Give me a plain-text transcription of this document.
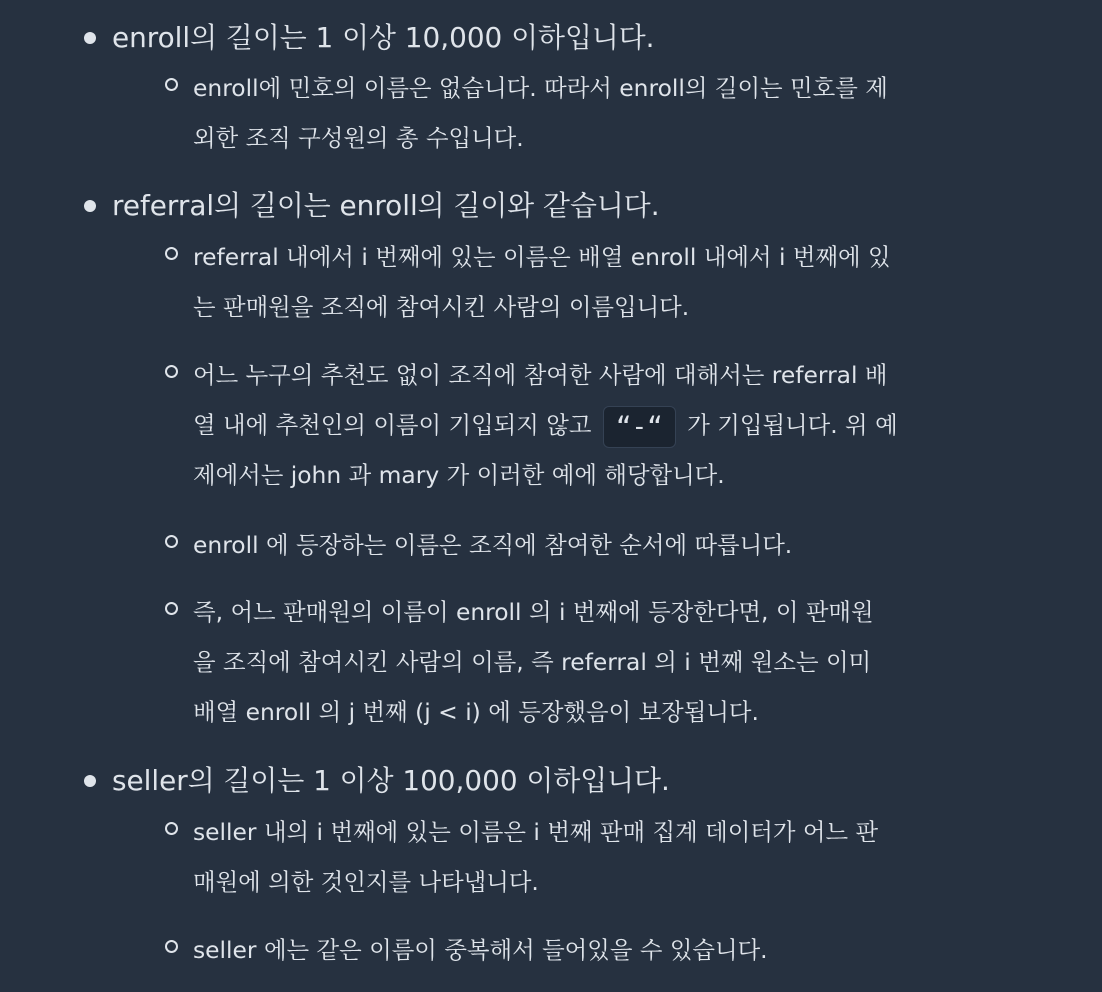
enroll의 길이는 1 이상 10,000 이하입니다.
enroll에 민호의 이름은 없습니다. 따라서 enroll의 길이는 민호를 제
외한 조직 구성원의 총 수입니다.
referral의 길이는 enroll의 길이와 같습니다.
referral 내에서 i 번째에 있는 이름은 배열 enroll 내에서 i 번째에 있
는 판매원을 조직에 참여시킨 사람의 이름입니다.
어느 누구의 추천도 없이 조직에 참여한 사람에 대해서는 referral 배
열 내에 추천인의 이름이 기입되지 않고 “-“ 가 기입됩니다. 위 예
제에서는 john 과 mary 가 이러한 예에 해당합니다.
enroll 에 등장하는 이름은 조직에 참여한 순서에 따릅니다.
즉, 어느 판매원의 이름이 enroll 의 i 번째에 등장한다면, 이 판매원
을 조직에 참여시킨 사람의 이름, 즉 referral 의 i 번째 원소는 이미
배열 enroll 의 j 번째 (j < i) 에 등장했음이 보장됩니다.
seller의 길이는 1 이상 100,000 이하입니다.
seller 내의 i 번째에 있는 이름은 i 번째 판매 집계 데이터가 어느 판
매원에 의한 것인지를 나타냅니다.
seller 에는 같은 이름이 중복해서 들어있을 수 있습니다.
